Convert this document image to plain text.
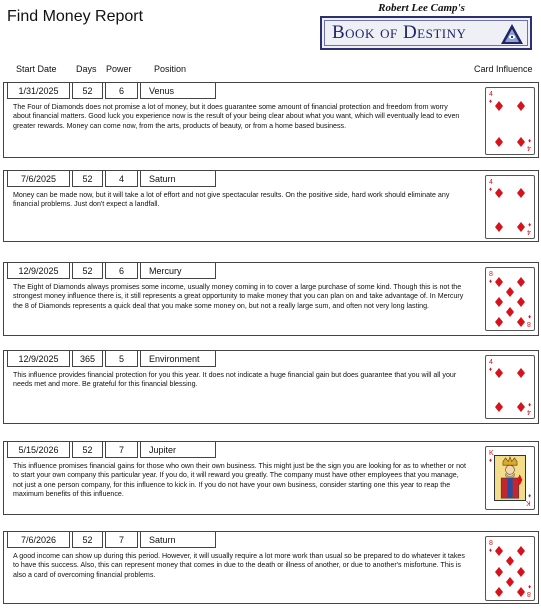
Find Money Report	Robert Lee Camp's
Book of Destiny
Start Date Days Power Position	Card Influence
1/31/2025	52	6	Venus
The Four of Diamonds does not promise a lot of money, but it does guarantee some amount of financial protection and freedom from worry about financial matters. Good luck you experience now is the result of your being clear about what you want, which will eventually lead to even greater rewards. Money can come now, from the arts, products of beauty, or from a home based business.
4
♦
4
♦
7/6/2025	52	4	Saturn
Money can be made now, but it will take a lot of effort and not give spectacular results. On the positive side, hard work should eliminate any financial problems. Just don't expect a landfall.
4
♦
4
♦
12/9/2025	52	6	Mercury
The Eight of Diamonds always promises some income, usually money coming in to cover a large purchase of some kind. Though this is not the strongest money influence there is, it still represents a great opportunity to make money that you can plan on and take advantage of. In Mercury the 8 of Diamonds represents a quick deal that you make some money on, but not a really large sum, and often not very long lasting.
8
♦
8
♦
12/9/2025	365	5	Environment
This influence provides financial protection for you this year. It does not indicate a huge financial gain but does guarantee that you will all your needs met and more. Be grateful for this financial blessing.
4
♦
4
♦
5/15/2026	52	7	Jupiter
This influence promises financial gains for those who own their own business. This might just be the sign you are looking for as to whether or not to start your own company this particular year. If you do, it will reward you greatly. The company must have other employees that you manage, not just a one person company, for this influence to kick in. If you do not have your own business, consider starting one this year to reap the maximum benefits of this influence.
K
♦
K
♦
7/6/2026	52	7	Saturn
A good income can show up during this period. However, it will usually require a lot more work than usual so be prepared to do whatever it takes to have this success. Also, this can represent money that comes in due to the death or illness of another, or due to another's misfortune. This is also a card of overcoming financial problems.
8
♦
8
♦
